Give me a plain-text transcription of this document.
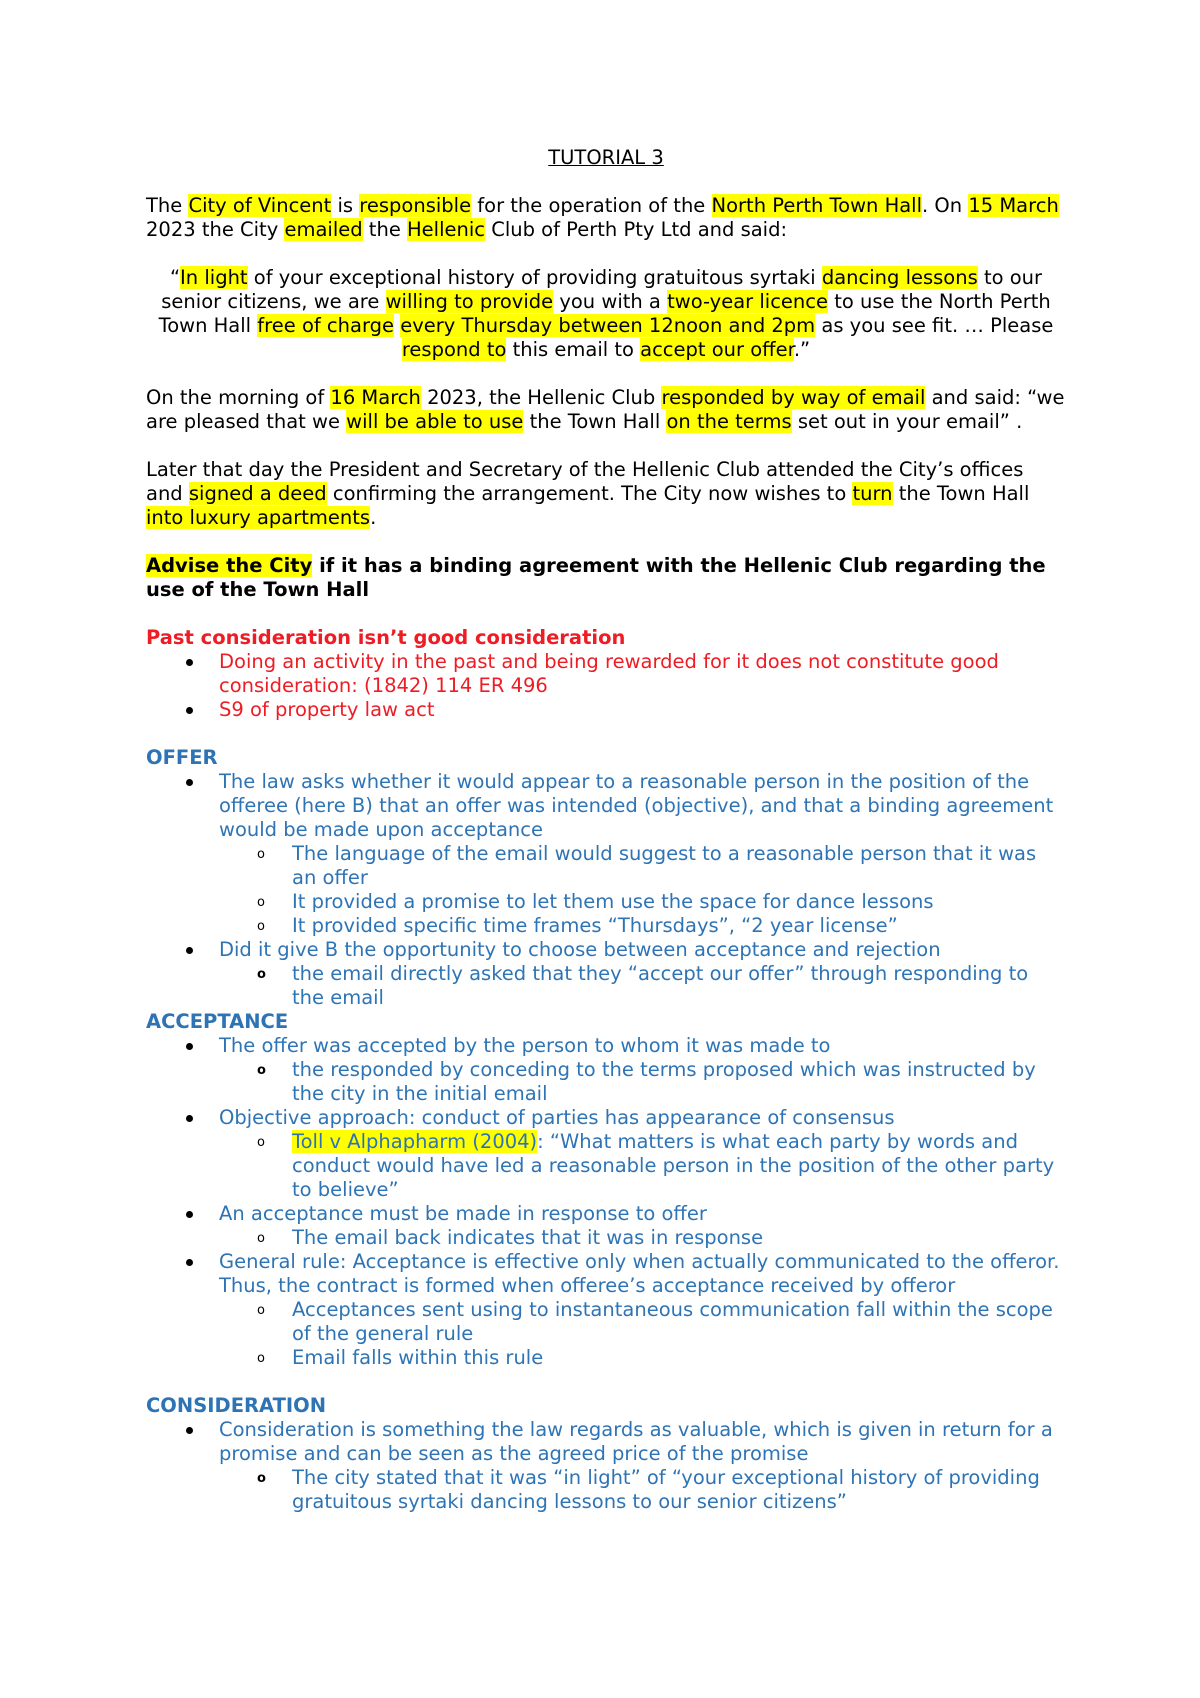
TUTORIAL 3

The City of Vincent is responsible for the operation of the North Perth Town Hall. On 15 March 2023 the City emailed the Hellenic Club of Perth Pty Ltd and said:

“In light of your exceptional history of providing gratuitous syrtaki dancing lessons to our senior citizens, we are willing to provide you with a two-year licence to use the North Perth Town Hall free of charge every Thursday between 12noon and 2pm as you see fit. … Please respond to this email to accept our offer.”

On the morning of 16 March 2023, the Hellenic Club responded by way of email and said: “we are pleased that we will be able to use the Town Hall on the terms set out in your email” .

Later that day the President and Secretary of the Hellenic Club attended the City’s offices and signed a deed confirming the arrangement. The City now wishes to turn the Town Hall into luxury apartments.

Advise the City if it has a binding agreement with the Hellenic Club regarding the use of the Town Hall

Past consideration isn’t good consideration

Doing an activity in the past and being rewarded for it does not constitute good consideration: (1842) 114 ER 496
S9 of property law act

OFFER

The law asks whether it would appear to a reasonable person in the position of the offeree (here B) that an offer was intended (objective), and that a binding agreement would be made upon acceptance
o The language of the email would suggest to a reasonable person that it was an offer
o It provided a promise to let them use the space for dance lessons
o It provided specific time frames “Thursdays”, “2 year license”
Did it give B the opportunity to choose between acceptance and rejection
o the email directly asked that they “accept our offer” through responding to the email

ACCEPTANCE

The offer was accepted by the person to whom it was made to
o the responded by conceding to the terms proposed which was instructed by the city in the initial email
Objective approach: conduct of parties has appearance of consensus
o Toll v Alphapharm (2004): “What matters is what each party by words and conduct would have led a reasonable person in the position of the other party to believe”
An acceptance must be made in response to offer
o The email back indicates that it was in response
General rule: Acceptance is effective only when actually communicated to the offeror. Thus, the contract is formed when offeree’s acceptance received by offeror
o Acceptances sent using to instantaneous communication fall within the scope of the general rule
o Email falls within this rule

CONSIDERATION

Consideration is something the law regards as valuable, which is given in return for a promise and can be seen as the agreed price of the promise
o The city stated that it was “in light” of “your exceptional history of providing gratuitous syrtaki dancing lessons to our senior citizens”
